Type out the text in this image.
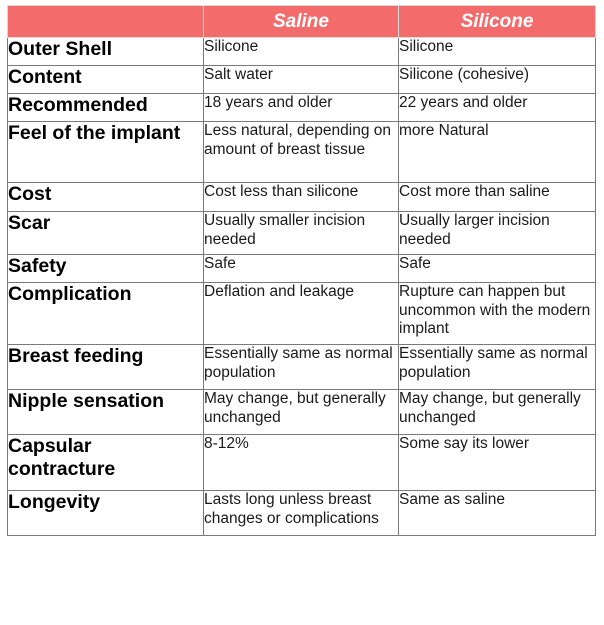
	Saline	Silicone
Outer Shell	Silicone	Silicone
Content	Salt water	Silicone (cohesive)
Recommended	18 years and older	22 years and older
Feel of the implant	Less natural, depending on amount of breast tissue	more Natural
Cost	Cost less than silicone	Cost more than saline
Scar	Usually smaller incision needed	Usually larger incision needed
Safety	Safe	Safe
Complication	Deflation and leakage	Rupture can happen but uncommon with the modern implant
Breast feeding	Essentially same as normal population	Essentially same as normal population
Nipple sensation	May change, but generally unchanged	May change, but generally unchanged
Capsular contracture	8-12%	Some say its lower
Longevity	Lasts long unless breast changes or complications	Same as saline
